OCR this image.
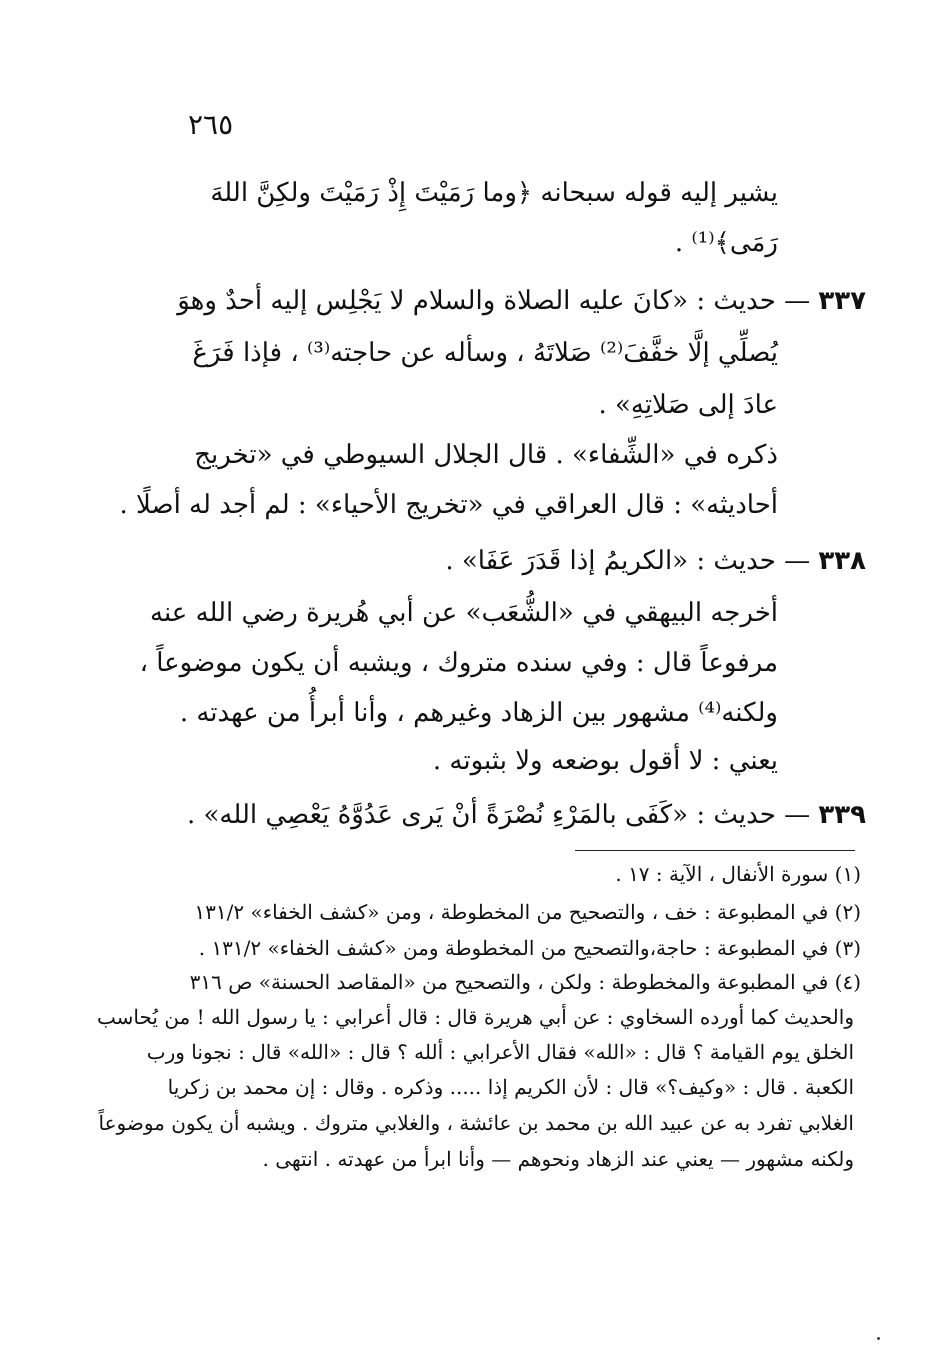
٢٦٥
يشير إليه قوله سبحانه ﴿وما رَمَيْتَ إِذْ رَمَيْتَ ولكِنَّ اللهَ
رَمَى﴾⁽¹⁾ .
٣٣٧ — حديث : «كانَ عليه الصلاة والسلام لا يَجْلِس إليه أحدٌ وهوَ
يُصلِّي إلَّا خفَّفَ⁽²⁾ صَلاتَهُ ، وسأله عن حاجته⁽³⁾ ، فإذا فَرَغَ
عادَ إلى صَلاتِهِ» .
ذكره في «الشِّفاء» . قال الجلال السيوطي في «تخريج
أحاديثه» : قال العراقي في «تخريج الأحياء» : لم أجد له أصلًا .
٣٣٨ — حديث : «الكريمُ إذا قَدَرَ عَفَا» .
أخرجه البيهقي في «الشُّعَب» عن أبي هُريرة رضي الله عنه
مرفوعاً قال : وفي سنده متروك ، ويشبه أن يكون موضوعاً ،
ولكنه⁽⁴⁾ مشهور بين الزهاد وغيرهم ، وأنا أبرأُ من عهدته .
يعني : لا أقول بوضعه ولا بثبوته .
٣٣٩ — حديث : «كَفَى بالمَرْءِ نُصْرَةً أنْ يَرى عَدُوَّهُ يَعْصِي الله» .
(١) سورة الأنفال ، الآية : ١٧ .
(٢) في المطبوعة : خف ، والتصحيح من المخطوطة ، ومن «كشف الخفاء» ١٣١/٢
(٣) في المطبوعة : حاجة،والتصحيح من المخطوطة ومن «كشف الخفاء» ١٣١/٢ .
(٤) في المطبوعة والمخطوطة : ولكن ، والتصحيح من «المقاصد الحسنة» ص ٣١٦
والحديث كما أورده السخاوي : عن أبي هريرة قال : قال أعرابي : يا رسول الله ! من يُحاسب
الخلق يوم القيامة ؟ قال : «الله» فقال الأعرابي : ألله ؟ قال : «الله» قال : نجونا ورب
الكعبة . قال : «وكيف؟» قال : لأن الكريم إذا ..... وذكره . وقال : إن محمد بن زكريا
الغلابي تفرد به عن عبيد الله بن محمد بن عائشة ، والغلابي متروك . ويشبه أن يكون موضوعاً
ولكنه مشهور — يعني عند الزهاد ونحوهم — وأنا ابرأ من عهدته . انتهى .
